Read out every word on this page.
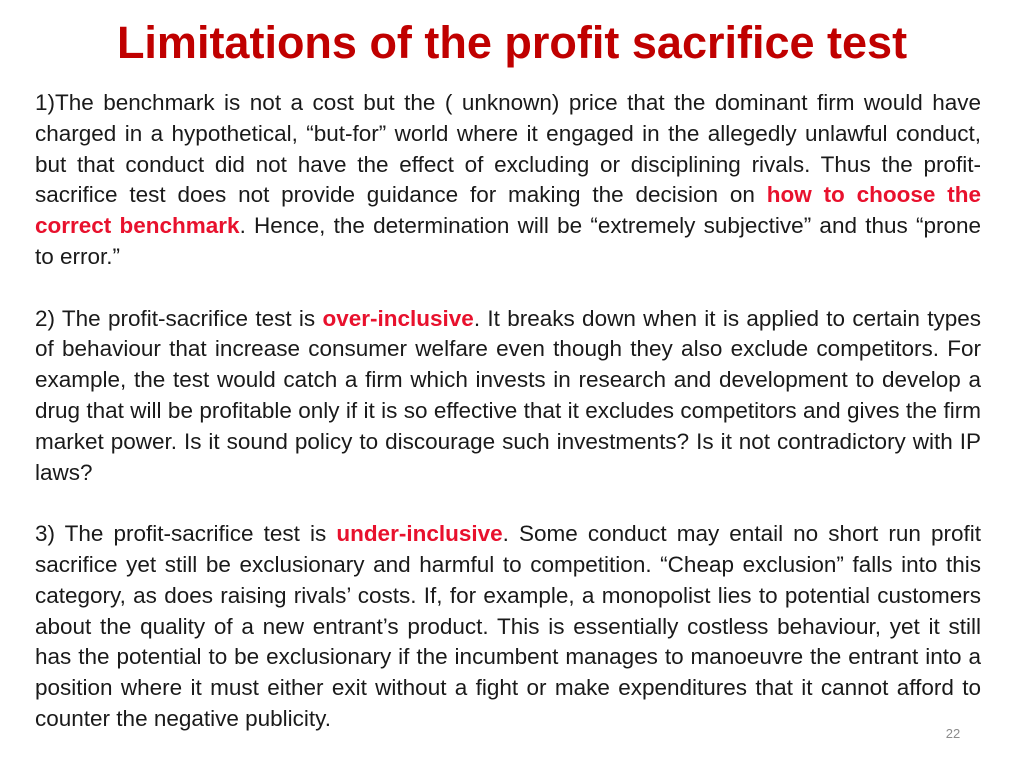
Limitations of the profit sacrifice test

1)The benchmark is not a cost but the ( unknown) price that the dominant firm would have charged in a hypothetical, “but-for” world where it engaged in the allegedly unlawful conduct, but that conduct did not have the effect of excluding or disciplining rivals. Thus the profit-sacrifice test does not provide guidance for making the decision on how to choose the correct benchmark. Hence, the determination will be “extremely subjective” and thus “prone to error.”

2) The profit-sacrifice test is over-inclusive. It breaks down when it is applied to certain types of behaviour that increase consumer welfare even though they also exclude competitors. For example, the test would catch a firm which invests in research and development to develop a drug that will be profitable only if it is so effective that it excludes competitors and gives the firm market power. Is it sound policy to discourage such investments? Is it not contradictory with IP laws?

3) The profit-sacrifice test is under-inclusive. Some conduct may entail no short run profit sacrifice yet still be exclusionary and harmful to competition. “Cheap exclusion” falls into this category, as does raising rivals’ costs. If, for example, a monopolist lies to potential customers about the quality of a new entrant’s product. This is essentially costless behaviour, yet it still has the potential to be exclusionary if the incumbent manages to manoeuvre the entrant into a position where it must either exit without a fight or make expenditures that it cannot afford to counter the negative publicity.

22
